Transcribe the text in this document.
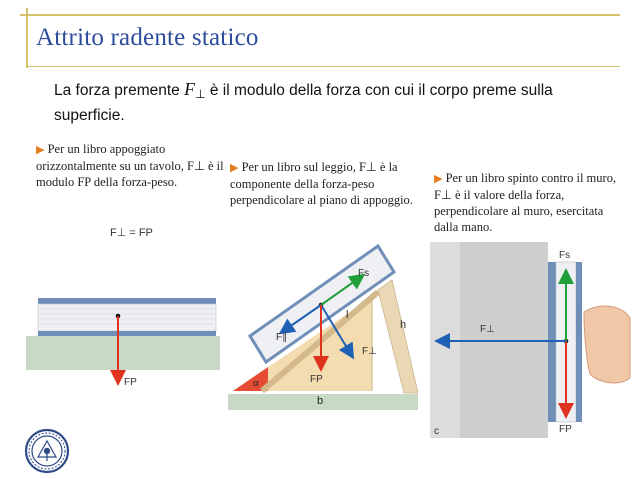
Attrito radente statico
La forza premente F⊥ è il modulo della forza con cui il corpo preme sulla superficie.
▶ Per un libro appoggiato orizzontalmente su un tavolo, F⊥ è il modulo FP della forza-peso.
▶ Per un libro sul leggio, F⊥ è la componente della forza-peso perpendicolare al piano di appoggio.
▶ Per un libro spinto contro il muro, F⊥ è il valore della forza, perpendicolare al muro, esercitata dalla mano.
F⊥ = FP
FP
Fs
F∥
F⊥
FP
l
h
α
b
Fs
F⊥
FP
c
